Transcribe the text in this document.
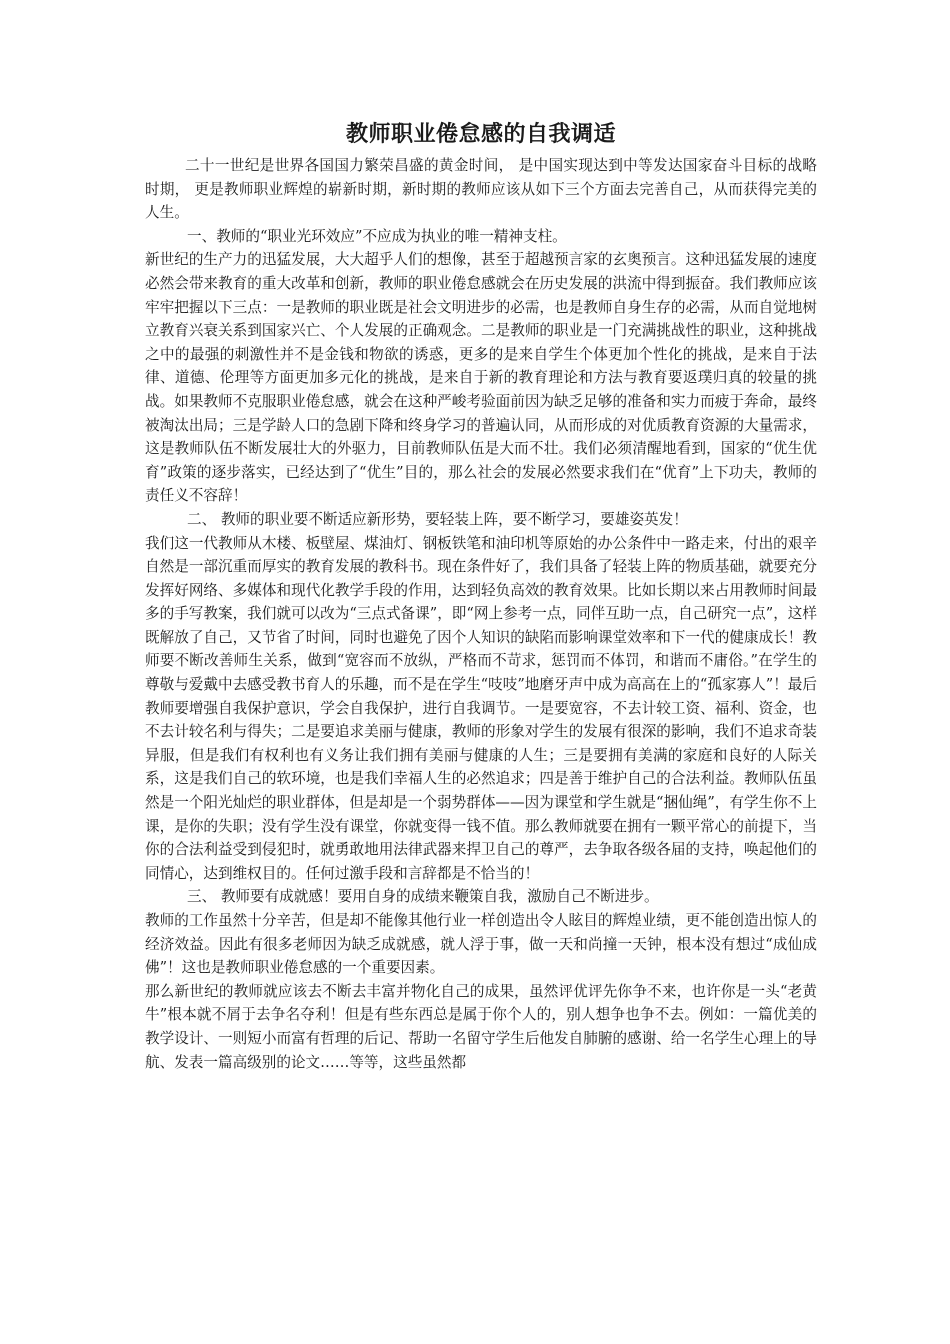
教师职业倦怠感的自我调适

二十一世纪是世界各国国力繁荣昌盛的黄金时间， 是中国实现达到中等发达国家奋斗目标的战略时期， 更是教师职业辉煌的崭新时期，新时期的教师应该从如下三个方面去完善自己，从而获得完美的人生。

一、教师的“职业光环效应”不应成为执业的唯一精神支柱。

新世纪的生产力的迅猛发展，大大超乎人们的想像，甚至于超越预言家的玄奥预言。这种迅猛发展的速度必然会带来教育的重大改革和创新，教师的职业倦怠感就会在历史发展的洪流中得到振奋。我们教师应该牢牢把握以下三点：一是教师的职业既是社会文明进步的必需，也是教师自身生存的必需，从而自觉地树立教育兴衰关系到国家兴亡、个人发展的正确观念。二是教师的职业是一门充满挑战性的职业，这种挑战之中的最强的刺激性并不是金钱和物欲的诱惑，更多的是来自学生个体更加个性化的挑战，是来自于法律、道德、伦理等方面更加多元化的挑战，是来自于新的教育理论和方法与教育要返璞归真的较量的挑战。如果教师不克服职业倦怠感，就会在这种严峻考验面前因为缺乏足够的准备和实力而疲于奔命，最终被淘汰出局；三是学龄人口的急剧下降和终身学习的普遍认同，从而形成的对优质教育资源的大量需求，这是教师队伍不断发展壮大的外驱力，目前教师队伍是大而不壮。我们必须清醒地看到，国家的“优生优育”政策的逐步落实，已经达到了“优生”目的，那么社会的发展必然要求我们在“优育”上下功夫，教师的责任义不容辞！

二、 教师的职业要不断适应新形势，要轻装上阵，要不断学习，要雄姿英发！

我们这一代教师从木楼、板壁屋、煤油灯、钢板铁笔和油印机等原始的办公条件中一路走来，付出的艰辛自然是一部沉重而厚实的教育发展的教科书。现在条件好了，我们具备了轻装上阵的物质基础，就要充分发挥好网络、多媒体和现代化教学手段的作用，达到轻负高效的教育效果。比如长期以来占用教师时间最多的手写教案，我们就可以改为“三点式备课”，即“网上参考一点，同伴互助一点，自己研究一点”，这样既解放了自己，又节省了时间，同时也避免了因个人知识的缺陷而影响课堂效率和下一代的健康成长！教师要不断改善师生关系，做到“宽容而不放纵，严格而不苛求，惩罚而不体罚，和谐而不庸俗。”在学生的尊敬与爱戴中去感受教书育人的乐趣，而不是在学生“吱吱”地磨牙声中成为高高在上的“孤家寡人”！最后教师要增强自我保护意识，学会自我保护，进行自我调节。一是要宽容，不去计较工资、福利、资金，也不去计较名利与得失；二是要追求美丽与健康，教师的形象对学生的发展有很深的影响，我们不追求奇装异服，但是我们有权利也有义务让我们拥有美丽与健康的人生；三是要拥有美满的家庭和良好的人际关系，这是我们自己的软环境，也是我们幸福人生的必然追求；四是善于维护自己的合法利益。教师队伍虽然是一个阳光灿烂的职业群体，但是却是一个弱势群体——因为课堂和学生就是“捆仙绳”，有学生你不上课，是你的失职；没有学生没有课堂，你就变得一钱不值。那么教师就要在拥有一颗平常心的前提下，当你的合法利益受到侵犯时，就勇敢地用法律武器来捍卫自己的尊严，去争取各级各届的支持，唤起他们的同情心，达到维权目的。任何过激手段和言辞都是不恰当的！

三、 教师要有成就感！要用自身的成绩来鞭策自我，激励自己不断进步。

教师的工作虽然十分辛苦，但是却不能像其他行业一样创造出令人眩目的辉煌业绩，更不能创造出惊人的经济效益。因此有很多老师因为缺乏成就感，就人浮于事，做一天和尚撞一天钟，根本没有想过“成仙成佛”！这也是教师职业倦怠感的一个重要因素。

那么新世纪的教师就应该去不断去丰富并物化自己的成果，虽然评优评先你争不来，也许你是一头“老黄牛”根本就不屑于去争名夺利！但是有些东西总是属于你个人的，别人想争也争不去。例如：一篇优美的教学设计、一则短小而富有哲理的后记、帮助一名留守学生后他发自肺腑的感谢、给一名学生心理上的导航、发表一篇高级别的论文……等等，这些虽然都
